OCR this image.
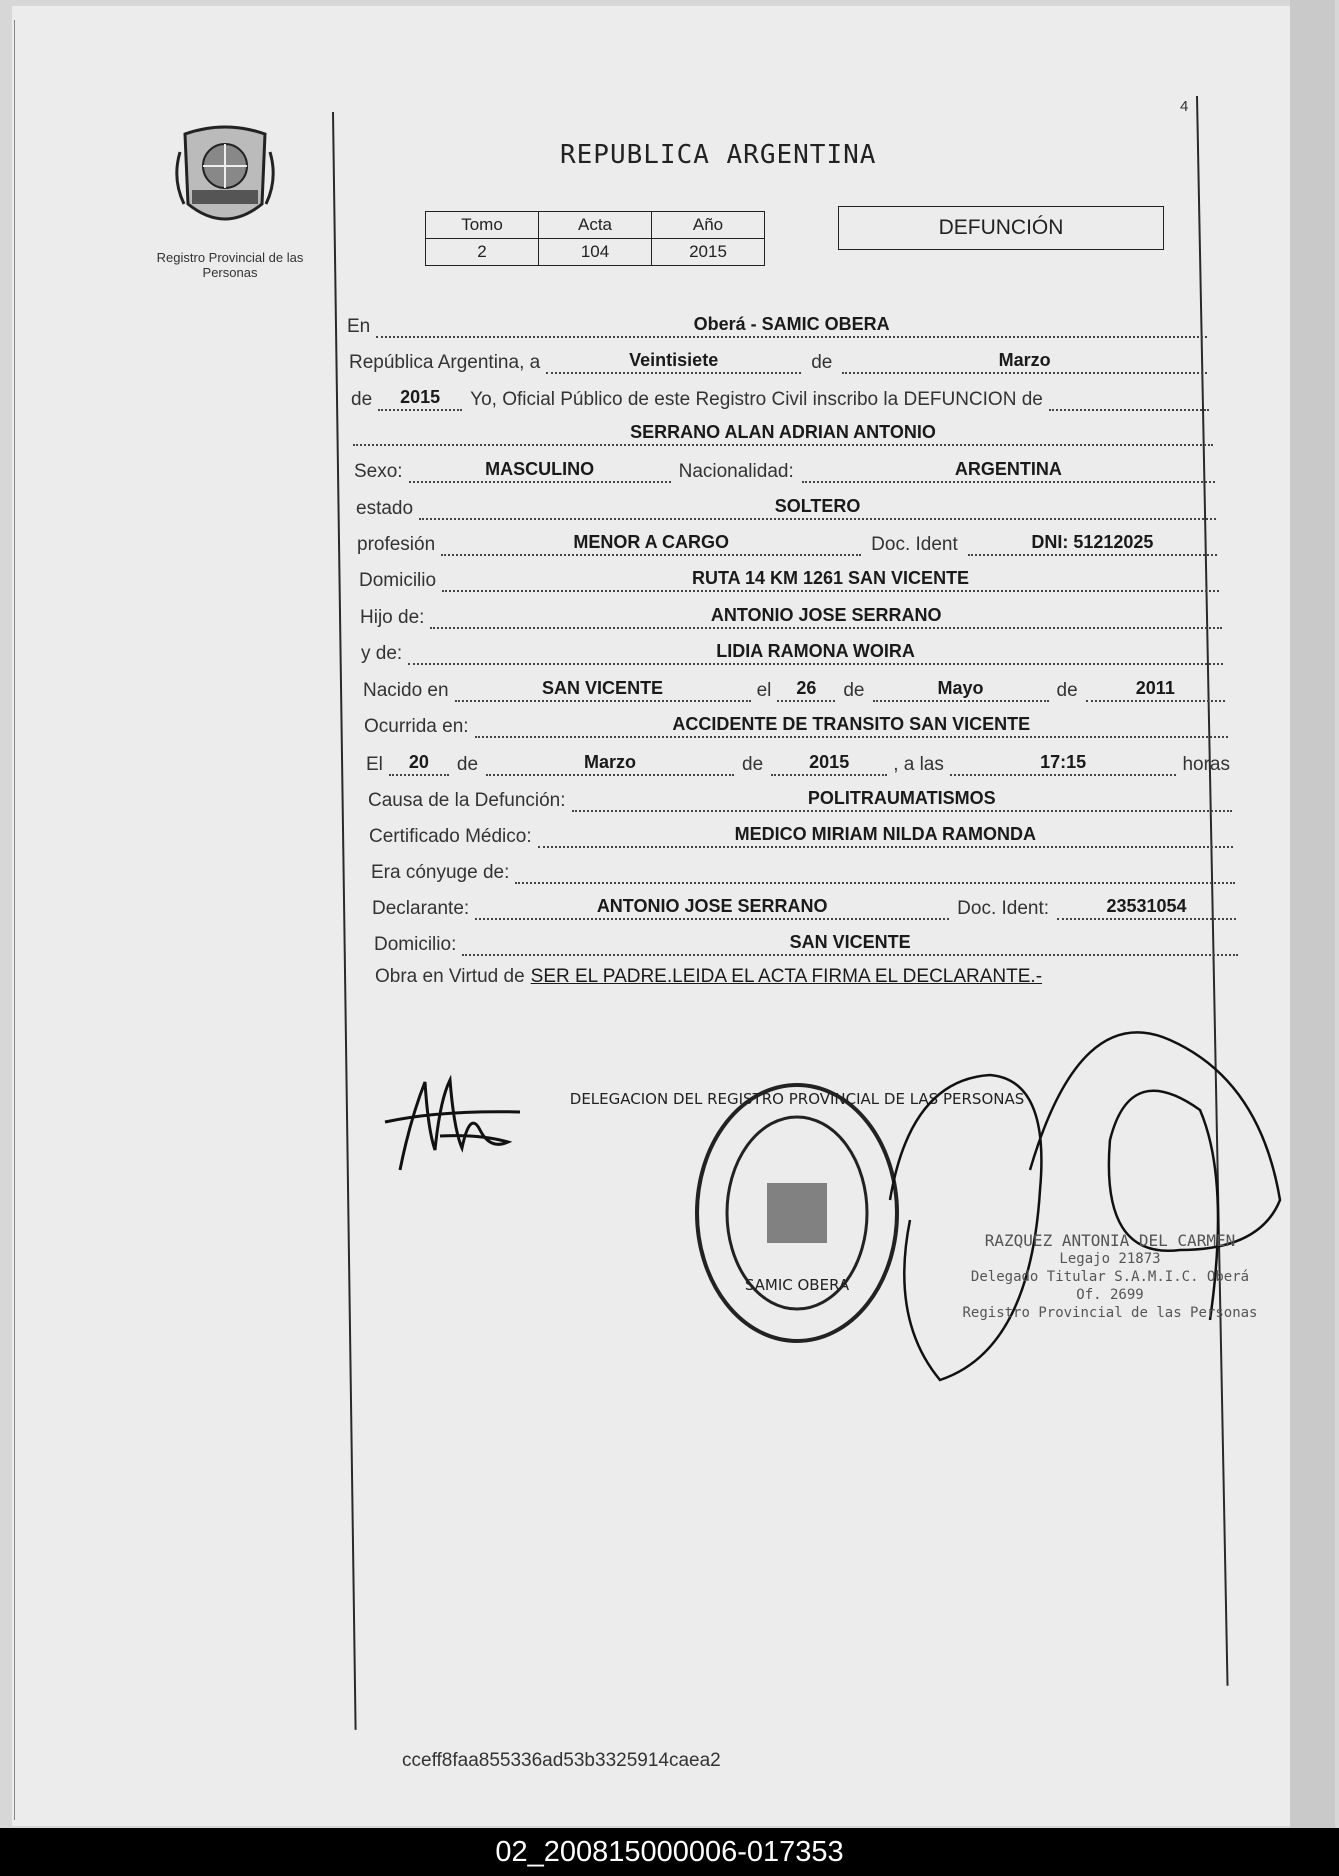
Registro Provincial de las Personas
4
REPUBLICA ARGENTINA
Tomo	Acta	Año
2	104	2015
DEFUNCIÓN
En	Oberá - SAMIC OBERA
República Argentina, a	Veintisiete	de	Marzo
de	2015	Yo, Oficial Público de este Registro Civil inscribo la DEFUNCION de
SERRANO ALAN ADRIAN ANTONIO
Sexo:	MASCULINO	Nacionalidad:	ARGENTINA
estado	SOLTERO
profesión	MENOR A CARGO	Doc. Ident	DNI: 51212025
Domicilio	RUTA 14 KM 1261 SAN VICENTE
Hijo de:	ANTONIO JOSE SERRANO
y de:	LIDIA RAMONA WOIRA
Nacido en	SAN VICENTE	el	26	de	Mayo	de	2011
Ocurrida en:	ACCIDENTE DE TRANSITO SAN VICENTE
El	20	de	Marzo	de	2015	, a las	17:15	horas
Causa de la Defunción:	POLITRAUMATISMOS
Certificado Médico:	MEDICO MIRIAM NILDA RAMONDA
Era cónyuge de:
Declarante:	ANTONIO JOSE SERRANO	Doc. Ident:	23531054
Domicilio:	SAN VICENTE
Obra en Virtud de SER EL PADRE.LEIDA EL ACTA FIRMA EL DECLARANTE.-
DELEGACION DEL REGISTRO PROVINCIAL DE LAS PERSONAS
SAMIC OBERA
RAZQUEZ ANTONIA DEL CARMEN
Legajo 21873
Delegado Titular S.A.M.I.C. Oberá Of. 2699
Registro Provincial de las Personas
cceff8faa855336ad53b3325914caea2
02_200815000006-017353
